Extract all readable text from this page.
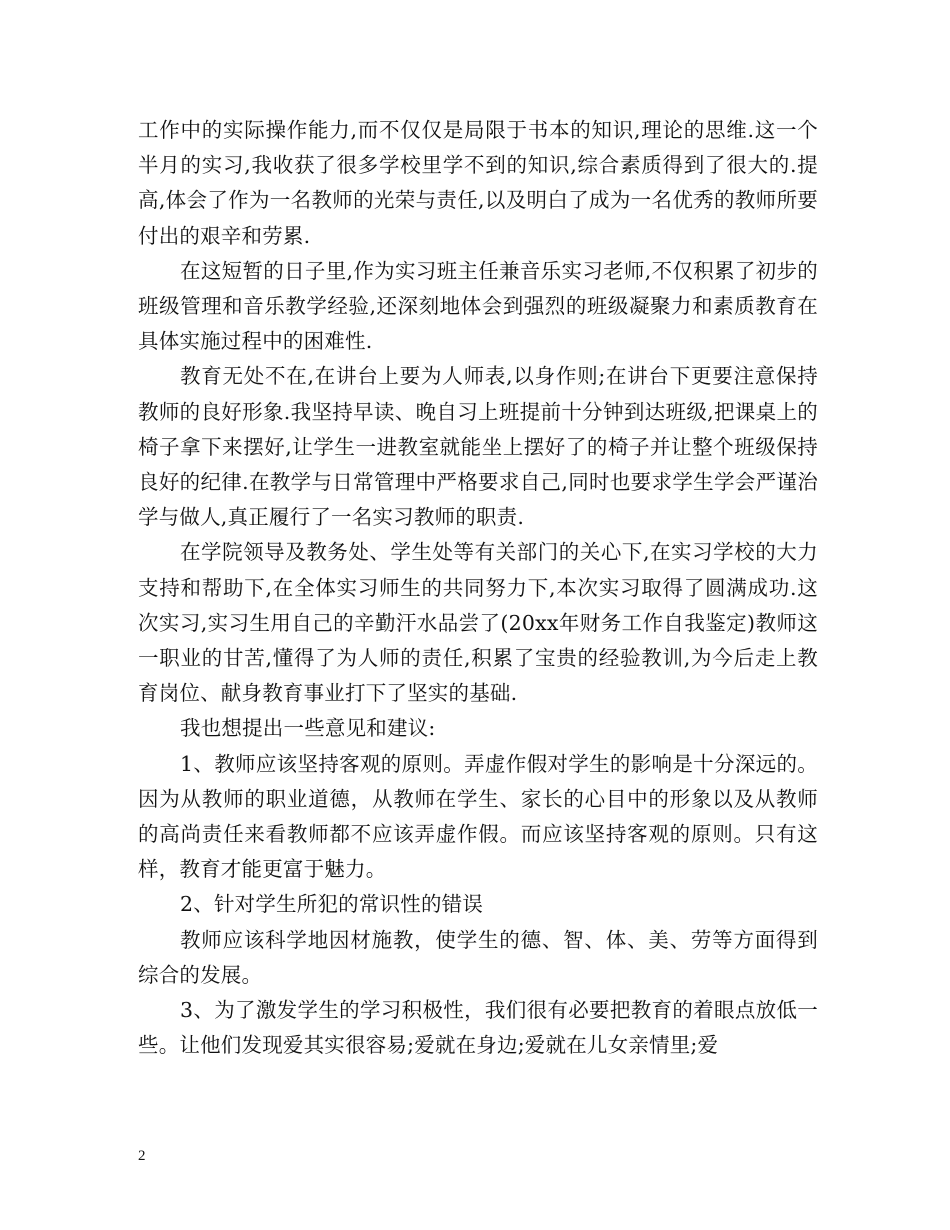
工作中的实际操作能力,而不仅仅是局限于书本的知识,理论的思维.这一个半月的实习,我收获了很多学校里学不到的知识,综合素质得到了很大的.提高,体会了作为一名教师的光荣与责任,以及明白了成为一名优秀的教师所要付出的艰辛和劳累.

在这短暂的日子里,作为实习班主任兼音乐实习老师,不仅积累了初步的班级管理和音乐教学经验,还深刻地体会到强烈的班级凝聚力和素质教育在具体实施过程中的困难性.

教育无处不在,在讲台上要为人师表,以身作则;在讲台下更要注意保持教师的良好形象.我坚持早读、晚自习上班提前十分钟到达班级,把课桌上的椅子拿下来摆好,让学生一进教室就能坐上摆好了的椅子并让整个班级保持良好的纪律.在教学与日常管理中严格要求自己,同时也要求学生学会严谨治学与做人,真正履行了一名实习教师的职责.

在学院领导及教务处、学生处等有关部门的关心下,在实习学校的大力支持和帮助下,在全体实习师生的共同努力下,本次实习取得了圆满成功.这次实习,实习生用自己的辛勤汗水品尝了(20xx年财务工作自我鉴定)教师这一职业的甘苦,懂得了为人师的责任,积累了宝贵的经验教训,为今后走上教育岗位、献身教育事业打下了坚实的基础.

我也想提出一些意见和建议:

1、教师应该坚持客观的原则。弄虚作假对学生的影响是十分深远的。因为从教师的职业道德，从教师在学生、家长的心目中的形象以及从教师的高尚责任来看教师都不应该弄虚作假。而应该坚持客观的原则。只有这样，教育才能更富于魅力。

2、针对学生所犯的常识性的错误

教师应该科学地因材施教，使学生的德、智、体、美、劳等方面得到综合的发展。

3、为了激发学生的学习积极性，我们很有必要把教育的着眼点放低一些。让他们发现爱其实很容易;爱就在身边;爱就在儿女亲情里;爱

2
